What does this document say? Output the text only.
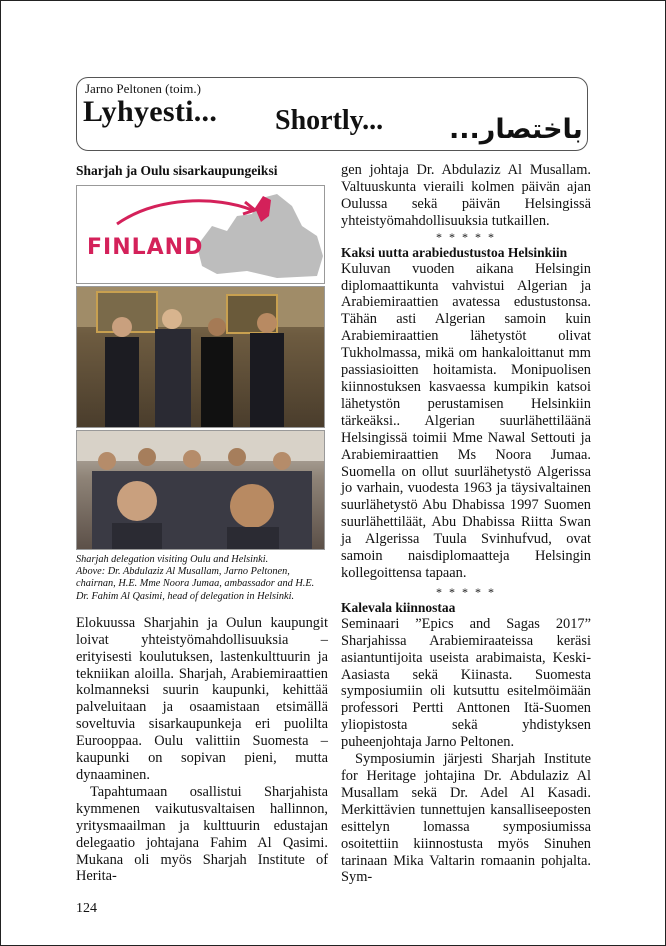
Jarno Peltonen (toim.)
Lyhyesti... Shortly... باختصار...
Sharjah ja Oulu sisarkaupungeiksi
FINLAND
Sharjah delegation visiting Oulu and Helsinki.
Above: Dr. Abdulaziz Al Musallam, Jarno Peltonen, chairnan, H.E. Mme Noora Jumaa, ambassador and H.E. Dr. Fahim Al Qasimi, head of delegation in Helsinki.

Elokuussa Sharjahin ja Oulun kaupungit loivat yhteistyömahdollisuuksia – erityisesti koulutuksen, lastenkulttuurin ja tekniikan aloilla. Sharjah, Arabiemiraattien kolmanneksi suurin kaupunki, kehittää palveluitaan ja osaamistaan etsimällä soveltuvia sisarkaupunkeja eri puolilta Eurooppaa. Oulu valittiin Suomesta – kaupunki on sopivan pieni, mutta dynaaminen.

Tapahtumaan osallistui Sharjahista kymmenen vaikutusvaltaisen hallinnon, yritysmaailman ja kulttuurin edustajan delegaatio johtajana Fahim Al Qasimi. Mukana oli myös Sharjah Institute of Herita-

gen johtaja Dr. Abdulaziz Al Musallam. Valtuuskunta vieraili kolmen päivän ajan Oulussa sekä päivän Helsingissä yhteistyömahdollisuuksia tutkaillen.

* * * * *
Kaksi uutta arabiedustustoa Helsinkiin

Kuluvan vuoden aikana Helsingin diplomaattikunta vahvistui Algerian ja Arabiemiraattien avatessa edustustonsa. Tähän asti Algerian samoin kuin Arabiemiraattien lähetystöt olivat Tukholmassa, mikä om hankaloittanut mm passiasioitten hoitamista. Monipuolisen kiinnostuksen kasvaessa kumpikin katsoi lähetystön perustamisen Helsinkiin tärkeäksi.. Algerian suurlähettiläänä Helsingissä toimii Mme Nawal Settouti ja Arabiemiraattien Ms Noora Jumaa. Suomella on ollut suurlähetystö Algerissa jo varhain, vuodesta 1963 ja täysivaltainen suurlähetystö Abu Dhabissa 1997 Suomen suurlähettiläät, Abu Dhabissa Riitta Swan ja Algerissa Tuula Svinhufvud, ovat samoin naisdiplomaatteja Helsingin kollegoittensa tapaan.

* * * * *
Kalevala kiinnostaa

Seminaari ”Epics and Sagas 2017” Sharjahissa Arabiemiraateissa keräsi asiantuntijoita useista arabimaista, Keski-Aasiasta sekä Kiinasta. Suomesta symposiumiin oli kutsuttu esitelmöimään professori Pertti Anttonen Itä-Suomen yliopistosta sekä yhdistyksen puheenjohtaja Jarno Peltonen.

Symposiumin järjesti Sharjah Institute for Heritage johtajina Dr. Abdulaziz Al Musallam sekä Dr. Adel Al Kasadi. Merkittävien tunnettujen kansalliseeposten esittelyn lomassa symposiumissa osoitettiin kiinnostusta myös Sinuhen tarinaan Mika Valtarin romaanin pohjalta. Sym-

124
